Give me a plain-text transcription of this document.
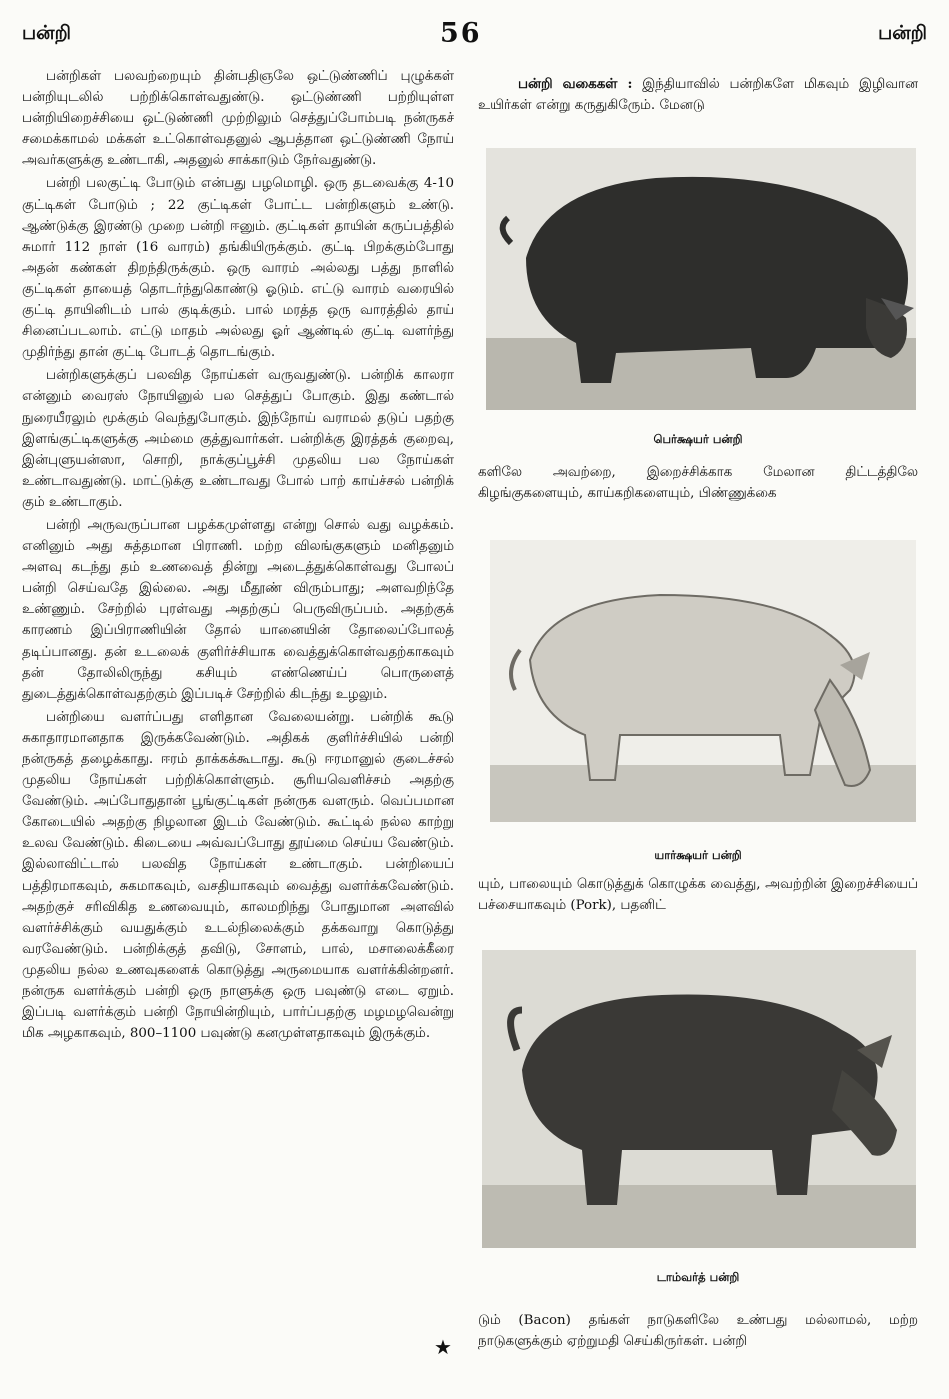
பன்றி	56	பன்றி

பன்றிகள் பலவற்றையும் தின்பதிஞலே ஒட்டுண்ணிப் புழுக்கள் பன்றியுடலில் பற்றிக்கொள்வதுண்டு. ஒட்டுண்ணி பற்றியுள்ள பன்றியிறைச்சியை ஒட்டுண்ணி முற்றிலும் செத்துப்போம்படி நன்ருகச் சமைக்காமல் மக்கள் உட்கொள்வதனுல் ஆபத்தான ஒட்டுண்ணி நோய் அவர்களுக்கு உண்டாகி, அதனுல் சாக்காடும் நேர்வதுண்டு.

பன்றி பலகுட்டி போடும் என்பது பழமொழி. ஒரு தடவைக்கு 4-10 குட்டிகள் போடும் ; 22 குட்டிகள் போட்ட பன்றிகளும் உண்டு. ஆண்டுக்கு இரண்டு முறை பன்றி ஈனும். குட்டிகள் தாயின் கருப்பத்தில் சுமார் 112 நாள் (16 வாரம்) தங்கியிருக்கும். குட்டி பிறக்கும்போது அதன் கண்கள் திறந்திருக்கும். ஒரு வாரம் அல்லது பத்து நாளில் குட்டிகள் தாயைத் தொடர்ந்துகொண்டு ஓடும். எட்டு வாரம் வரையில் குட்டி தாயினிடம் பால் குடிக்கும். பால் மரத்த ஒரு வாரத்தில் தாய் சினைப்படலாம். எட்டு மாதம் அல்லது ஓர் ஆண்டில் குட்டி வளர்ந்து முதிர்ந்து தான் குட்டி போடத் தொடங்கும்.

பன்றிகளுக்குப் பலவித நோய்கள் வருவதுண்டு. பன்றிக் காலரா என்னும் வைரஸ் நோயினுல் பல செத்துப் போகும். இது கண்டால் நுரையீரலும் மூக்கும் வெந்துபோகும். இந்நோய் வராமல் தடுப் பதற்கு இளங்குட்டிகளுக்கு அம்மை குத்துவார்கள். பன்றிக்கு இரத்தக் குறைவு, இன்புளுயன்ஸா, சொறி, நாக்குப்பூச்சி முதலிய பல நோய்கள் உண்டாவதுண்டு. மாட்டுக்கு உண்டாவது போல் பாற் காய்ச்சல் பன்றிக் கும் உண்டாகும்.

பன்றி அருவருப்பான பழக்கமுள்ளது என்று சொல் வது வழக்கம். எனினும் அது சுத்தமான பிராணி. மற்ற விலங்குகளும் மனிதனும் அளவு கடந்து தம் உணவைத் தின்று அடைத்துக்கொள்வது போலப் பன்றி செய்வதே இல்லை. அது மீதூண் விரும்பாது; அளவறிந்தே உண்ணும். சேற்றில் புரள்வது அதற்குப் பெருவிருப்பம். அதற்குக் காரணம் இப்பிராணியின் தோல் யானையின் தோலைப்போலத் தடிப்பானது. தன் உடலைக் குளிர்ச்சியாக வைத்துக்கொள்வதற்காகவும் தன் தோலிலிருந்து கசியும் எண்ணெய்ப் பொருளைத் துடைத்துக்கொள்வதற்கும் இப்படிச் சேற்றில் கிடந்து உழலும்.

பன்றியை வளர்ப்பது எளிதான வேலையன்று. பன்றிக் கூடு சுகாதாரமானதாக இருக்கவேண்டும். அதிகக் குளிர்ச்சியில் பன்றி நன்ருகத் தழைக்காது. ஈரம் தாக்கக்கூடாது. கூடு ஈரமானுல் குடைச்சல் முதலிய நோய்கள் பற்றிக்கொள்ளும். சூரியவெளிச்சம் அதற்கு வேண்டும். அப்போதுதான் பூங்குட்டிகள் நன்ருக வளரும். வெப்பமான கோடையில் அதற்கு நிழலான இடம் வேண்டும். கூட்டில் நல்ல காற்று உலவ வேண்டும். கிடையை அவ்வப்போது தூய்மை செய்ய வேண்டும். இல்லாவிட்டால் பலவித நோய்கள் உண்டாகும். பன்றியைப் பத்திரமாகவும், சுகமாகவும், வசதியாகவும் வைத்து வளர்க்கவேண்டும். அதற்குச் சரிவிகித உணவையும், காலமறிந்து போதுமான அளவில் வளர்ச்சிக்கும் வயதுக்கும் உடல்நிலைக்கும் தக்கவாறு கொடுத்து வரவேண்டும். பன்றிக்குத் தவிடு, சோளம், பால், மசாலைக்கீரை முதலிய நல்ல உணவுகளைக் கொடுத்து அருமையாக வளர்க்கின்றனர். நன்ருக வளர்க்கும் பன்றி ஒரு நாளுக்கு ஒரு பவுண்டு எடை ஏறும். இப்படி வளர்க்கும் பன்றி நோயின்றியும், பார்ப்பதற்கு மழமழவென்று மிக அழகாகவும், 800–1100 பவுண்டு கனமுள்ளதாகவும் இருக்கும்.

★

பன்றி வகைகள் : இந்தியாவில் பன்றிகளே மிகவும் இழிவான உயிர்கள் என்று கருதுகிருேம். மேனடு

பெர்க்ஷயர் பன்றி

களிலே அவற்றை, இறைச்சிக்காக மேலான திட்டத்திலே கிழங்குகளையும், காய்கறிகளையும், பிண்ணுக்கை

யார்க்ஷயர் பன்றி

யும், பாலையும் கொடுத்துக் கொழுக்க வைத்து, அவற்றின் இறைச்சியைப் பச்சையாகவும் (Pork), பதனிட்

டாம்வர்த் பன்றி

டும் (Bacon) தங்கள் நாடுகளிலே உண்பது மல்லாமல், மற்ற நாடுகளுக்கும் ஏற்றுமதி செய்கிருர்கள். பன்றி
